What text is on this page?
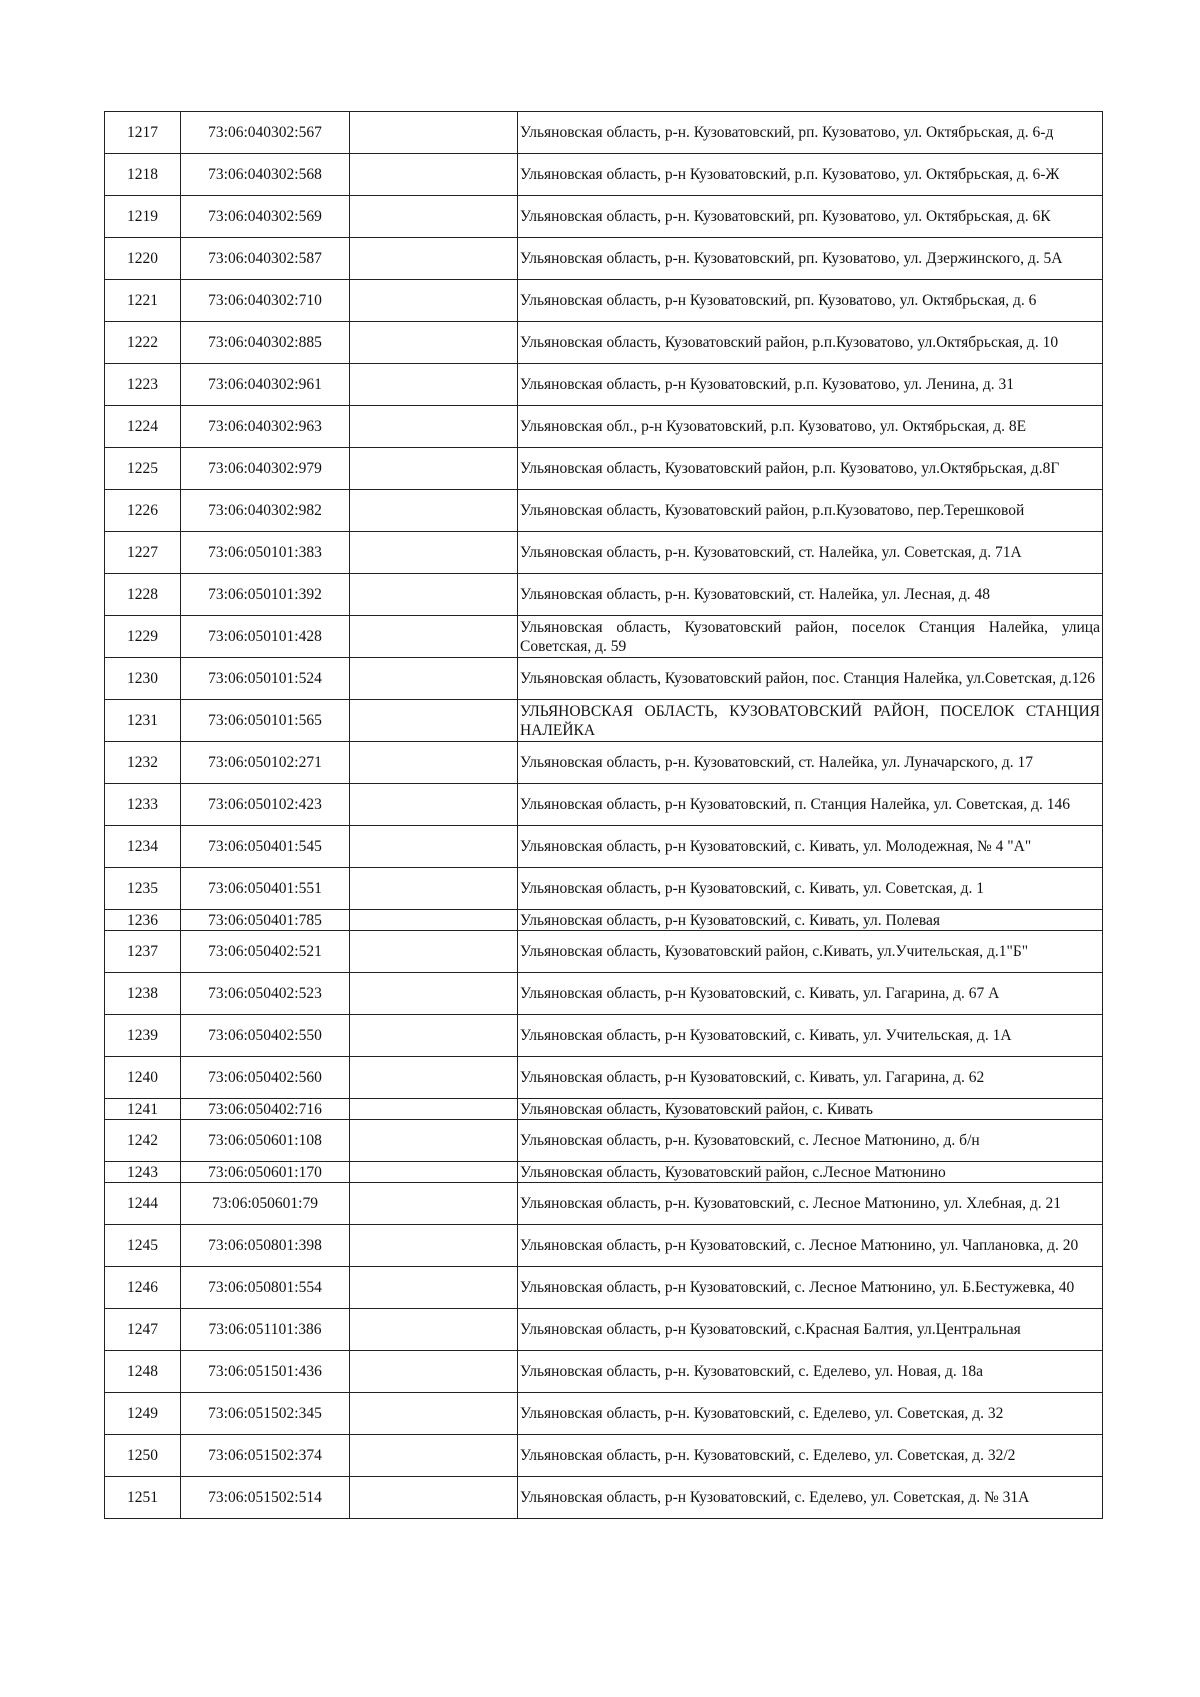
1217	73:06:040302:567		Ульяновская область, р-н. Кузоватовский, рп. Кузоватово, ул. Октябрьская, д. 6-д
1218	73:06:040302:568		Ульяновская область, р-н Кузоватовский, р.п. Кузоватово, ул. Октябрьская, д. 6-Ж
1219	73:06:040302:569		Ульяновская область, р-н. Кузоватовский, рп. Кузоватово, ул. Октябрьская, д. 6К
1220	73:06:040302:587		Ульяновская область, р-н. Кузоватовский, рп. Кузоватово, ул. Дзержинского, д. 5А
1221	73:06:040302:710		Ульяновская область, р-н Кузоватовский, рп. Кузоватово, ул. Октябрьская, д. 6
1222	73:06:040302:885		Ульяновская область, Кузоватовский район, р.п.Кузоватово, ул.Октябрьская, д. 10
1223	73:06:040302:961		Ульяновская область, р-н Кузоватовский, р.п. Кузоватово, ул. Ленина, д. 31
1224	73:06:040302:963		Ульяновская обл., р-н Кузоватовский, р.п. Кузоватово, ул. Октябрьская, д. 8Е
1225	73:06:040302:979		Ульяновская область, Кузоватовский район, р.п. Кузоватово, ул.Октябрьская, д.8Г
1226	73:06:040302:982		Ульяновская область, Кузоватовский район, р.п.Кузоватово, пер.Терешковой
1227	73:06:050101:383		Ульяновская область, р-н. Кузоватовский, ст. Налейка, ул. Советская, д. 71А
1228	73:06:050101:392		Ульяновская область, р-н. Кузоватовский, ст. Налейка, ул. Лесная, д. 48
1229	73:06:050101:428		Ульяновская область, Кузоватовский район, поселок Станция Налейка, улица Советская, д. 59
1230	73:06:050101:524		Ульяновская область, Кузоватовский район, пос. Станция Налейка, ул.Советская, д.126
1231	73:06:050101:565		УЛЬЯНОВСКАЯ ОБЛАСТЬ, КУЗОВАТОВСКИЙ РАЙОН, ПОСЕЛОК СТАНЦИЯ НАЛЕЙКА
1232	73:06:050102:271		Ульяновская область, р-н. Кузоватовский, ст. Налейка, ул. Луначарского, д. 17
1233	73:06:050102:423		Ульяновская область, р-н Кузоватовский, п. Станция Налейка, ул. Советская, д. 146
1234	73:06:050401:545		Ульяновская область, р-н Кузоватовский, с. Кивать, ул. Молодежная, № 4 "А"
1235	73:06:050401:551		Ульяновская область, р-н Кузоватовский, с. Кивать, ул. Советская, д. 1
1236	73:06:050401:785		Ульяновская область, р-н Кузоватовский, с. Кивать, ул. Полевая
1237	73:06:050402:521		Ульяновская область, Кузоватовский район, с.Кивать, ул.Учительская, д.1"Б"
1238	73:06:050402:523		Ульяновская область, р-н Кузоватовский, с. Кивать, ул. Гагарина, д. 67 А
1239	73:06:050402:550		Ульяновская область, р-н Кузоватовский, с. Кивать, ул. Учительская, д. 1А
1240	73:06:050402:560		Ульяновская область, р-н Кузоватовский, с. Кивать, ул. Гагарина, д. 62
1241	73:06:050402:716		Ульяновская область, Кузоватовский район, с. Кивать
1242	73:06:050601:108		Ульяновская область, р-н. Кузоватовский, с. Лесное Матюнино, д. б/н
1243	73:06:050601:170		Ульяновская область, Кузоватовский район, с.Лесное Матюнино
1244	73:06:050601:79		Ульяновская область, р-н. Кузоватовский, с. Лесное Матюнино, ул. Хлебная, д. 21
1245	73:06:050801:398		Ульяновская область, р-н Кузоватовский, с. Лесное Матюнино, ул. Чаплановка, д. 20
1246	73:06:050801:554		Ульяновская область, р-н Кузоватовский, с. Лесное Матюнино, ул. Б.Бестужевка, 40
1247	73:06:051101:386		Ульяновская область, р-н Кузоватовский, с.Красная Балтия, ул.Центральная
1248	73:06:051501:436		Ульяновская область, р-н. Кузоватовский, с. Еделево, ул. Новая, д. 18а
1249	73:06:051502:345		Ульяновская область, р-н. Кузоватовский, с. Еделево, ул. Советская, д. 32
1250	73:06:051502:374		Ульяновская область, р-н. Кузоватовский, с. Еделево, ул. Советская, д. 32/2
1251	73:06:051502:514		Ульяновская область, р-н Кузоватовский, с. Еделево, ул. Советская, д. № 31А
